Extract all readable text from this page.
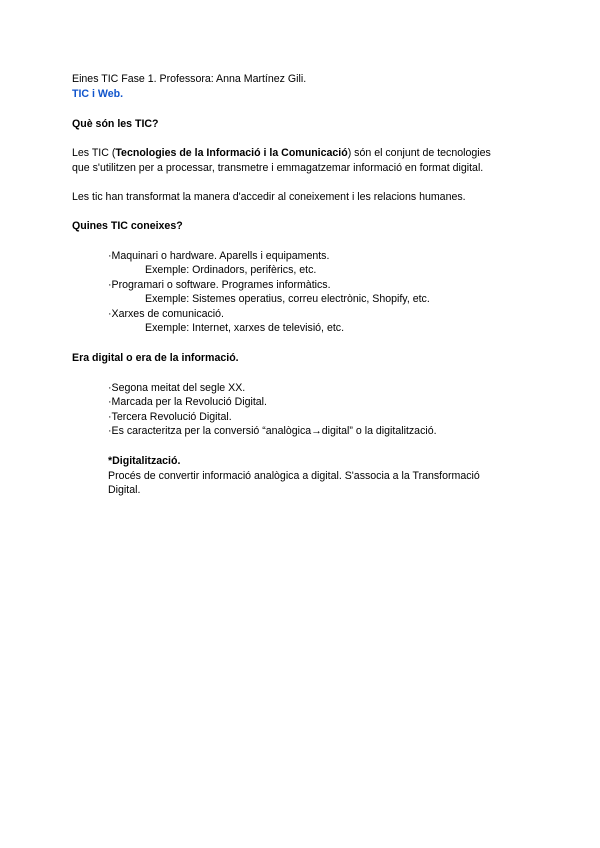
Eines TIC Fase 1. Professora: Anna Martínez Gili.

TIC i Web.

Què són les TIC?

Les TIC (Tecnologies de la Informació i la Comunicació) són el conjunt de tecnologies

que s'utilitzen per a processar, transmetre i emmagatzemar informació en format digital.

Les tic han transformat la manera d'accedir al coneixement i les relacions humanes.

Quines TIC coneixes?

·Maquinari o hardware. Aparells i equipaments.

Exemple: Ordinadors, perifèrics, etc.

·Programari o software. Programes informàtics.

Exemple: Sistemes operatius, correu electrònic, Shopify, etc.

·Xarxes de comunicació.

Exemple: Internet, xarxes de televisió, etc.

Era digital o era de la informació.

·Segona meitat del segle XX.

·Marcada per la Revolució Digital.

·Tercera Revolució Digital.

·Es caracteritza per la conversió “analògica→digital” o la digitalització.

*Digitalització.

Procés de convertir informació analògica a digital. S'associa a la Transformació

Digital.
